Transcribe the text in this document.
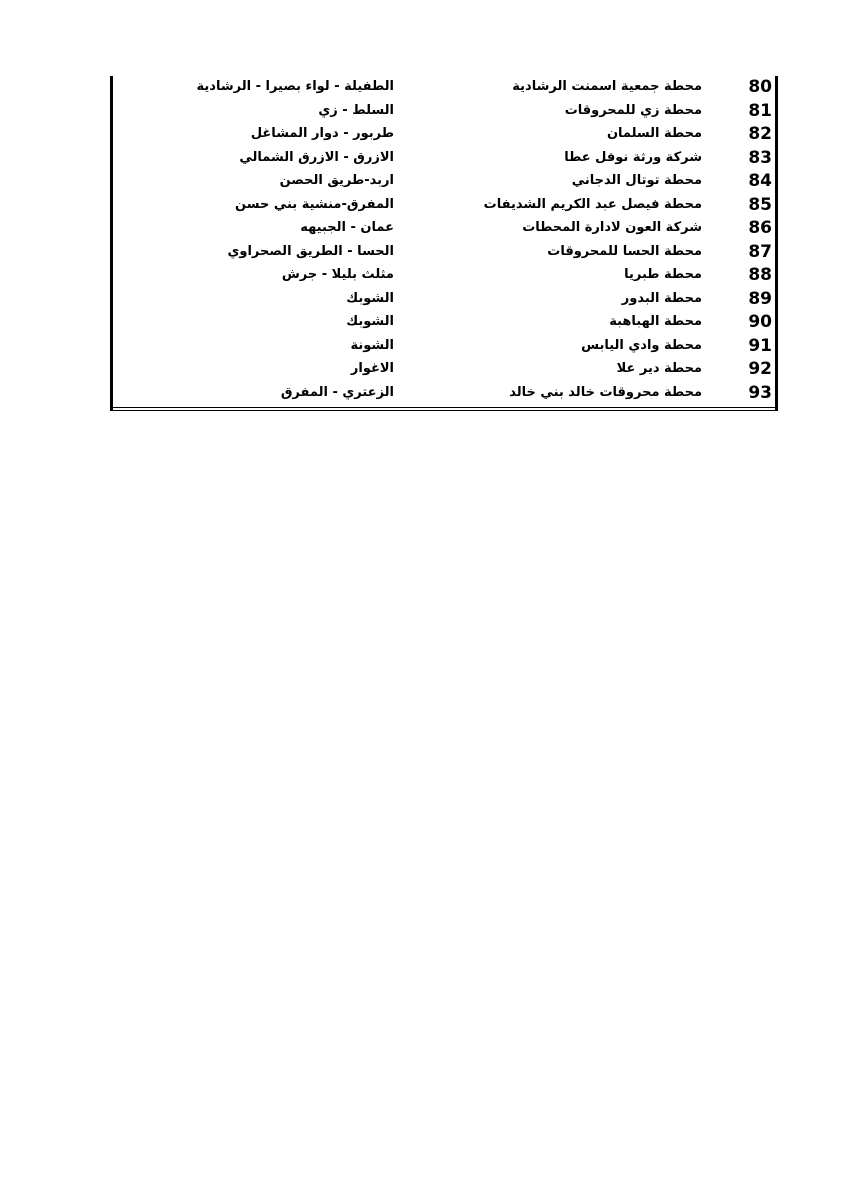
80
محطة جمعية اسمنت الرشادية
الطفيلة - لواء بصيرا - الرشادية
81
محطة زي للمحروقات
السلط - زي
82
محطة السلمان
طربور - دوار المشاغل
83
شركة ورثة نوفل عطا
الازرق - الازرق الشمالي
84
محطة توتال الدجاني
اربد-طريق الحصن
85
محطة فيصل عبد الكريم الشديفات
المفرق-منشية بني حسن
86
شركة العون لادارة المحطات
عمان - الجبيهه
87
محطة الحسا للمحروقات
الحسا - الطريق الصحراوي
88
محطة طبريا
مثلث بليلا - جرش
89
محطة البدور
الشوبك
90
محطة الهباهبة
الشوبك
91
محطة وادي اليابس
الشونة
92
محطة دير علا
الاغوار
93
محطة محروقات خالد بني خالد
الزعتري - المفرق
